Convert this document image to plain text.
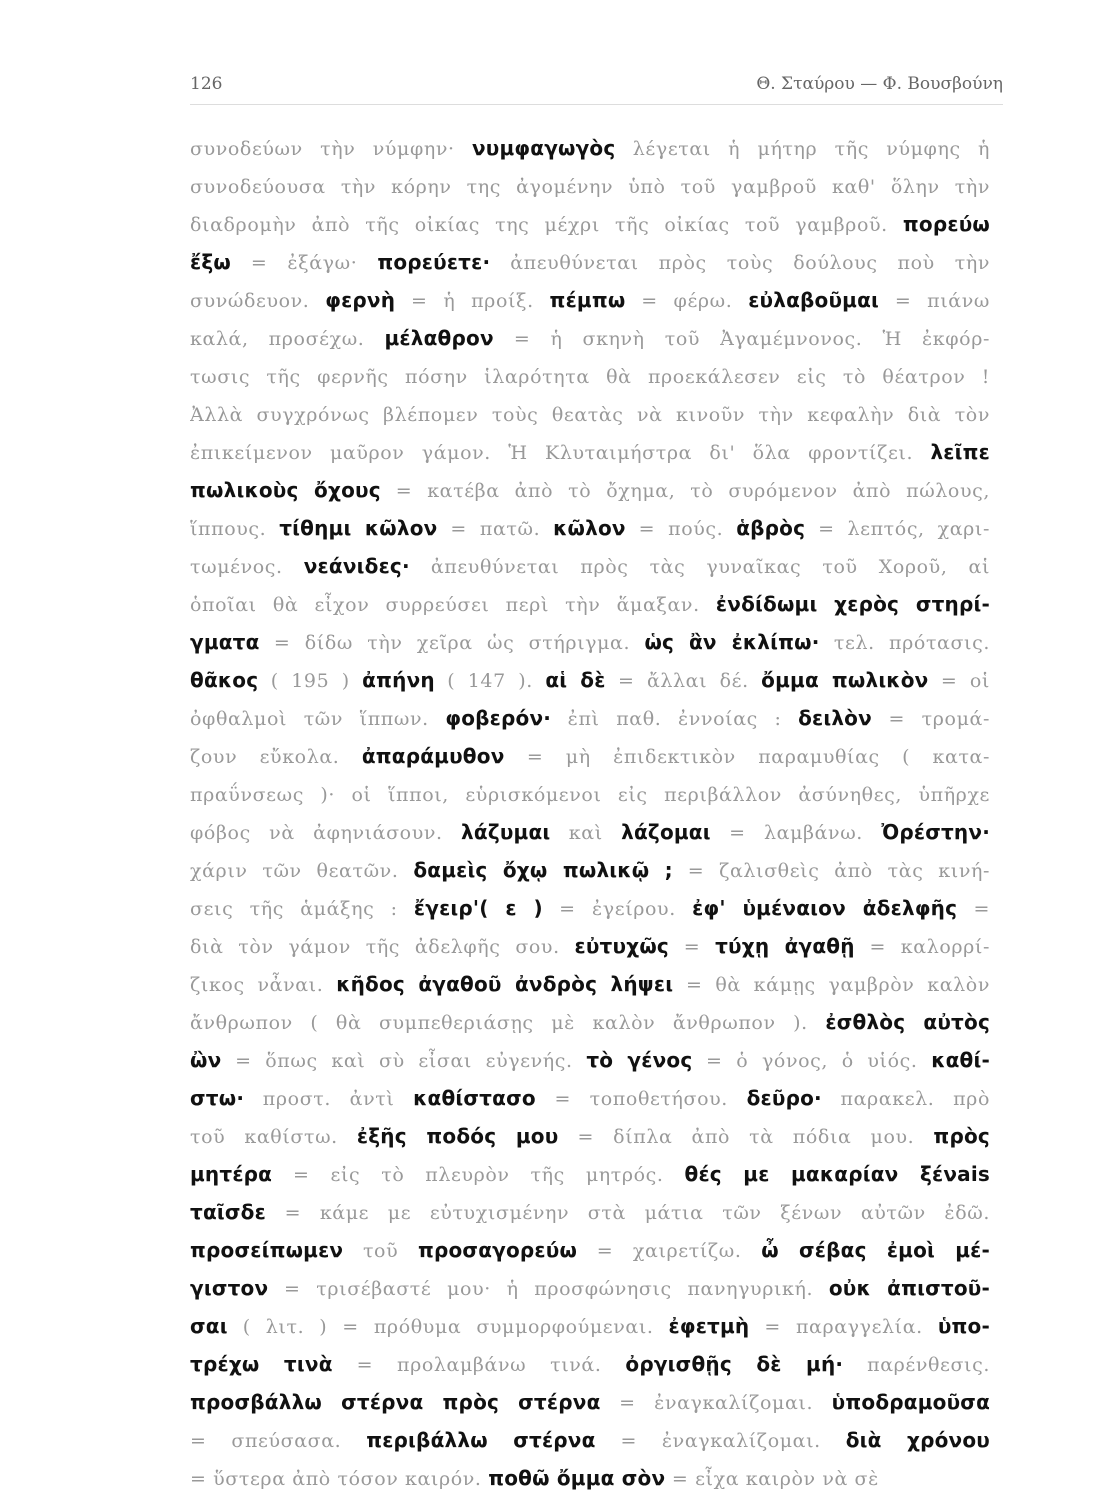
126	Θ. Σταύρου — Φ. Βουσβούνη
συνοδεύων τὴν νύμφην· νυμφαγωγὸς λέγεται ἡ μήτηρ τῆς νύμφης ἡ
συνοδεύουσα τὴν κόρην της ἀγομένην ὑπὸ τοῦ γαμβροῦ καθ' ὅλην τὴν
διαδρομὴν ἀπὸ τῆς οἰκίας της μέχρι τῆς οἰκίας τοῦ γαμβροῦ. πορεύω
ἔξω = ἐξάγω· πορεύετε· ἀπευθύνεται πρὸς τοὺς δούλους ποὺ τὴν
συνώδευον. φερνὴ = ἡ προίξ. πέμπω = φέρω. εὐλαβοῦμαι = πιάνω
καλά, προσέχω. μέλαθρον = ἡ σκηνὴ τοῦ Ἀγαμέμνονος. Ἡ ἐκφόρ-
τωσις τῆς φερνῆς πόσην ἱλαρότητα θὰ προεκάλεσεν εἰς τὸ θέατρον !
Ἀλλὰ συγχρόνως βλέπομεν τοὺς θεατὰς νὰ κινοῦν τὴν κεφαλὴν διὰ τὸν
ἐπικείμενον μαῦρον γάμον. Ἡ Κλυταιμήστρα δι' ὅλα φροντίζει. λεῖπε
πωλικοὺς ὄχους = κατέβα ἀπὸ τὸ ὄχημα, τὸ συρόμενον ἀπὸ πώλους,
ἵππους. τίθημι κῶλον = πατῶ. κῶλον = πούς. ἁβρὸς = λεπτός, χαρι-
τωμένος. νεάνιδες· ἀπευθύνεται πρὸς τὰς γυναῖκας τοῦ Χοροῦ, αἱ
ὁποῖαι θὰ εἶχον συρρεύσει περὶ τὴν ἅμαξαν. ἐνδίδωμι χερὸς στηρί-
γματα = δίδω τὴν χεῖρα ὡς στήριγμα. ὡς ἂν ἐκλίπω· τελ. πρότασις.
θᾶκος ( 195 ) ἀπήνη ( 147 ). αἱ δὲ = ἄλλαι δέ. ὄμμα πωλικὸν = οἱ
ὀφθαλμοὶ τῶν ἵππων. φοβερόν· ἐπὶ παθ. ἐννοίας : δειλὸν = τρομά-
ζουν εὔκολα. ἀπαράμυθον = μὴ ἐπιδεκτικὸν παραμυθίας ( κατα-
πραΰνσεως )· οἱ ἵπποι, εὑρισκόμενοι εἰς περιβάλλον ἀσύνηθες, ὑπῆρχε
φόβος νὰ ἀφηνιάσουν. λάζυμαι καὶ λάζομαι = λαμβάνω. Ὀρέστην·
χάριν τῶν θεατῶν. δαμεὶς ὄχῳ πωλικῷ ; = ζαλισθεὶς ἀπὸ τὰς κινή-
σεις τῆς ἁμάξης : ἔγειρ'( ε ) = ἐγείρου. ἐφ' ὑμέναιον ἀδελφῆς =
διὰ τὸν γάμον τῆς ἀδελφῆς σου. εὐτυχῶς = τύχῃ ἀγαθῇ = καλορρί-
ζικος νἆναι. κῆδος ἀγαθοῦ ἀνδρὸς λήψει = θὰ κάμῃς γαμβρὸν καλὸν
ἄνθρωπον ( θὰ συμπεθεριάσῃς μὲ καλὸν ἄνθρωπον ). ἐσθλὸς αὐτὸς
ὢν = ὅπως καὶ σὺ εἶσαι εὐγενής. τὸ γένος = ὁ γόνος, ὁ υἱός. καθί-
στω· προστ. ἀντὶ καθίστασο = τοποθετήσου. δεῦρο· παρακελ. πρὸ
τοῦ καθίστω. ἐξῆς ποδός μου = δίπλα ἀπὸ τὰ πόδια μου. πρὸς
μητέρα = εἰς τὸ πλευρὸν τῆς μητρός. θές με μακαρίαν ξένais
ταῖσδε = κάμε με εὐτυχισμένην στὰ μάτια τῶν ξένων αὐτῶν ἐδῶ.
προσείπωμεν τοῦ προσαγορεύω = χαιρετίζω. ὦ σέβας ἐμοὶ μέ-
γιστον = τρισέβαστέ μου· ἡ προσφώνησις πανηγυρική. οὐκ ἀπιστοῦ-
σαι ( λιτ. ) = πρόθυμα συμμορφούμεναι. ἐφετμὴ = παραγγελία. ὑπο-
τρέχω τινὰ = προλαμβάνω τινά. ὀργισθῇς δὲ μή· παρένθεσις.
προσβάλλω στέρνα πρὸς στέρνα = ἐναγκαλίζομαι. ὑποδραμοῦσα
= σπεύσασα. περιβάλλω στέρνα = ἐναγκαλίζομαι. διὰ χρόνου
= ὕστερα ἀπὸ τόσον καιρόν. ποθῶ ὄμμα σὸν = εἶχα καιρὸν νὰ σὲ
